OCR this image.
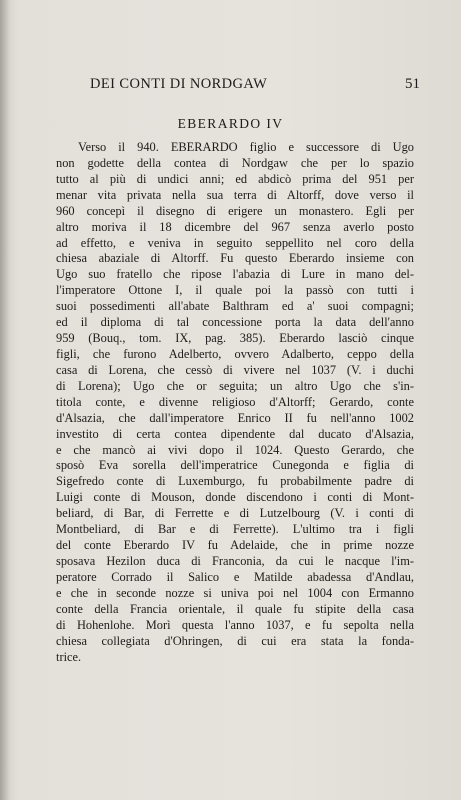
DEI CONTI DI NORDGAW	51
EBERARDO IV
Verso il 940. EBERARDO figlio e successore di Ugo
non godette della contea di Nordgaw che per lo spazio
tutto al più di undici anni; ed abdicò prima del 951 per
menar vita privata nella sua terra di Altorff, dove verso il
960 concepì il disegno di erigere un monastero. Egli per
altro moriva il 18 dicembre del 967 senza averlo posto
ad effetto, e veniva in seguito seppellito nel coro della
chiesa abaziale di Altorff. Fu questo Eberardo insieme con
Ugo suo fratello che ripose l'abazia di Lure in mano del-
l'imperatore Ottone I, il quale poi la passò con tutti i
suoi possedimenti all'abate Balthram ed a' suoi compagni;
ed il diploma di tal concessione porta la data dell'anno
959 (Bouq., tom. IX, pag. 385). Eberardo lasciò cinque
figli, che furono Adelberto, ovvero Adalberto, ceppo della
casa di Lorena, che cessò di vivere nel 1037 (V. i duchi
di Lorena); Ugo che or seguita; un altro Ugo che s'in-
titola conte, e divenne religioso d'Altorff; Gerardo, conte
d'Alsazia, che dall'imperatore Enrico II fu nell'anno 1002
investito di certa contea dipendente dal ducato d'Alsazia,
e che mancò ai vivi dopo il 1024. Questo Gerardo, che
sposò Eva sorella dell'imperatrice Cunegonda e figlia di
Sigefredo conte di Luxemburgo, fu probabilmente padre di
Luigi conte di Mouson, donde discendono i conti di Mont-
beliard, di Bar, di Ferrette e di Lutzelbourg (V. i conti di
Montbeliard, di Bar e di Ferrette). L'ultimo tra i figli
del conte Eberardo IV fu Adelaide, che in prime nozze
sposava Hezilon duca di Franconia, da cui le nacque l'im-
peratore Corrado il Salico e Matilde abadessa d'Andlau,
e che in seconde nozze si univa poi nel 1004 con Ermanno
conte della Francia orientale, il quale fu stipite della casa
di Hohenlohe. Morì questa l'anno 1037, e fu sepolta nella
chiesa collegiata d'Ohringen, di cui era stata la fonda-
trice.
